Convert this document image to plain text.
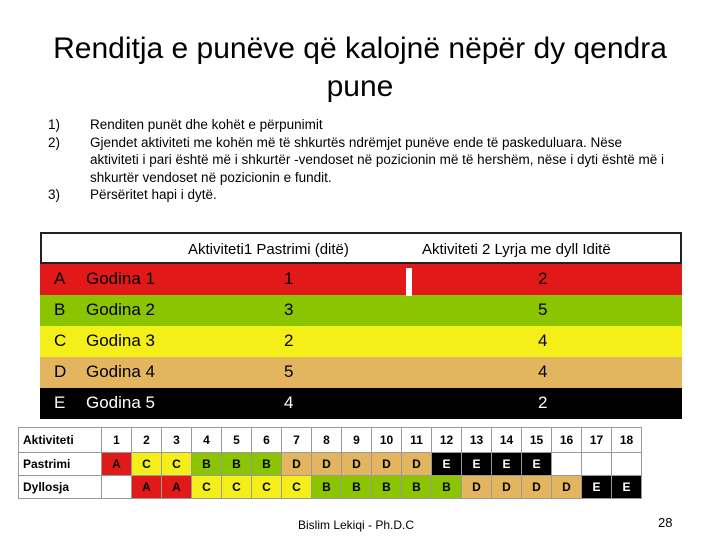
Renditja e punëve që kalojnë nëpër dy qendra pune
1)	Renditen punët dhe kohët e përpunimit
2)	Gjendet aktiviteti me kohën më të shkurtës ndrëmjet punëve ende të paskeduluara. Nëse aktiviteti i pari është më i shkurtër -vendoset në pozicionin më të hershëm, nëse i dyti është më i shkurtër vendoset në pozicionin e fundit.
3)	Përsëritet hapi i dytë.
Aktiviteti1 Pastrimi (ditë)	Aktiviteti 2 Lyrja me dyll Iditë
A Godina 1	1	2
B Godina 2	3	5
C Godina 3	2	4
D Godina 4	5	4
E Godina 5	4	2
Aktiviteti	1	2	3	4	5	6	7	8	9	10	11	12	13	14	15	16	17	18
Pastrimi	A	C	C	B	B	B	D	D	D	D	D	E	E	E	E			
Dyllosja		A	A	C	C	C	C	B	B	B	B	B	D	D	D	D	E	E
Bislim Lekiqi - Ph.D.C	28
